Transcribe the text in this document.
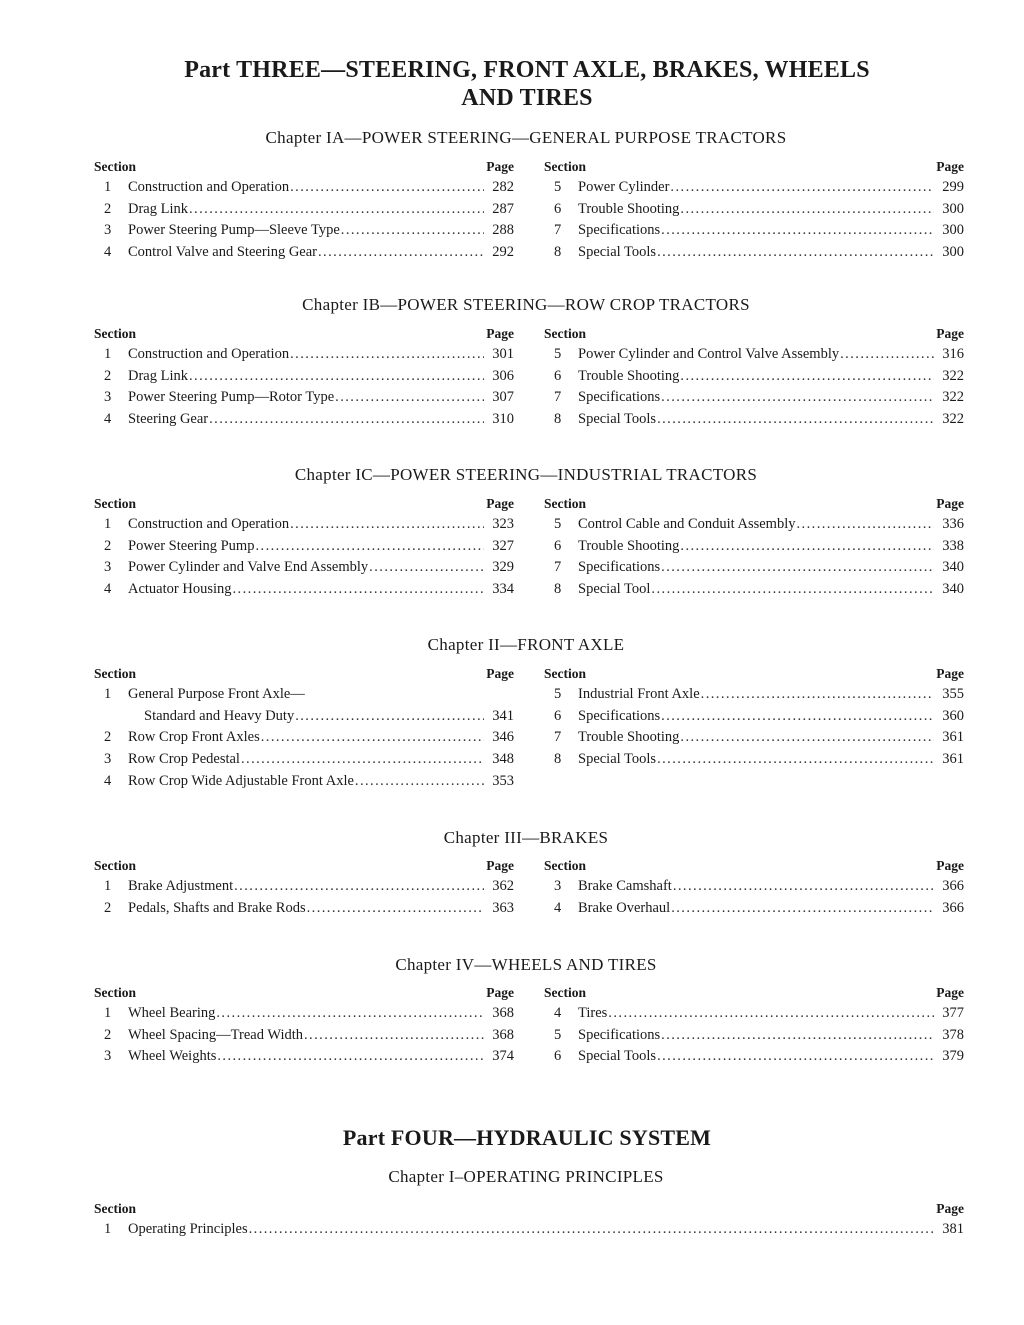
Part THREE—STEERING, FRONT AXLE, BRAKES, WHEELS
AND TIRES
Chapter IA—POWER STEERING—GENERAL PURPOSE TRACTORS
Section	Page
1	Construction and Operation . . .	282
2	Drag Link . . .	287
3	Power Steering Pump—Sleeve Type . . .	288
4	Control Valve and Steering Gear . . .	292
Section	Page
5	Power Cylinder . . .	299
6	Trouble Shooting . . .	300
7	Specifications . . .	300
8	Special Tools . . .	300
Chapter IB—POWER STEERING—ROW CROP TRACTORS
Section	Page
1	Construction and Operation . . .	301
2	Drag Link . . .	306
3	Power Steering Pump—Rotor Type . . .	307
4	Steering Gear . . .	310
Section	Page
5	Power Cylinder and Control Valve Assembly . . .	316
6	Trouble Shooting . . .	322
7	Specifications . . .	322
8	Special Tools . . .	322
Chapter IC—POWER STEERING—INDUSTRIAL TRACTORS
Section	Page
1	Construction and Operation . . .	323
2	Power Steering Pump . . .	327
3	Power Cylinder and Valve End Assembly . . .	329
4	Actuator Housing . . .	334
Section	Page
5	Control Cable and Conduit Assembly . . .	336
6	Trouble Shooting . . .	338
7	Specifications . . .	340
8	Special Tool . . .	340
Chapter II—FRONT AXLE
Section	Page
1	General Purpose Front Axle—
Standard and Heavy Duty . . .	341
2	Row Crop Front Axles . . .	346
3	Row Crop Pedestal . . .	348
4	Row Crop Wide Adjustable Front Axle . . .	353
Section	Page
5	Industrial Front Axle . . .	355
6	Specifications . . .	360
7	Trouble Shooting . . .	361
8	Special Tools . . .	361
Chapter III—BRAKES
Section	Page
1	Brake Adjustment . . .	362
2	Pedals, Shafts and Brake Rods . . .	363
Section	Page
3	Brake Camshaft . . .	366
4	Brake Overhaul . . .	366
Chapter IV—WHEELS AND TIRES
Section	Page
1	Wheel Bearing . . .	368
2	Wheel Spacing—Tread Width . . .	368
3	Wheel Weights . . .	374
Section	Page
4	Tires . . .	377
5	Specifications . . .	378
6	Special Tools . . .	379
Part FOUR—HYDRAULIC SYSTEM
Chapter I–OPERATING PRINCIPLES
Section	Page
1	Operating Principles . . .	381
